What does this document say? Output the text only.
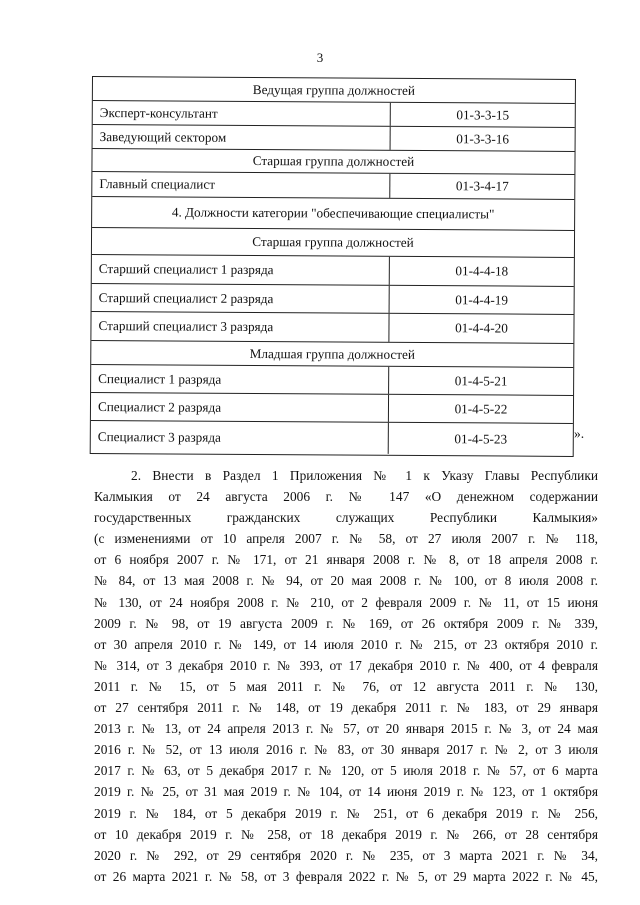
3
Ведущая группа должностей
Эксперт-консультант	01-3-3-15
Заведующий сектором	01-3-3-16
Старшая группа должностей
Главный специалист	01-3-4-17
4. Должности категории "обеспечивающие специалисты"
Старшая группа должностей
Старший специалист 1 разряда	01-4-4-18
Старший специалист 2 разряда	01-4-4-19
Старший специалист 3 разряда	01-4-4-20
Младшая группа должностей
Специалист 1 разряда	01-4-5-21
Специалист 2 разряда	01-4-5-22
Специалист 3 разряда	01-4-5-23	».
2. Внести в Раздел 1 Приложения № 1 к Указу Главы Республики
Калмыкия от 24 августа 2006 г. № 147 «О денежном содержании
государственных гражданских служащих Республики Калмыкия»
(с изменениями от 10 апреля 2007 г. № 58, от 27 июля 2007 г. № 118,
от 6 ноября 2007 г. № 171, от 21 января 2008 г. № 8, от 18 апреля 2008 г.
№ 84, от 13 мая 2008 г. № 94, от 20 мая 2008 г. № 100, от 8 июля 2008 г.
№ 130, от 24 ноября 2008 г. № 210, от 2 февраля 2009 г. № 11, от 15 июня
2009 г. № 98, от 19 августа 2009 г. № 169, от 26 октября 2009 г. № 339,
от 30 апреля 2010 г. № 149, от 14 июля 2010 г. № 215, от 23 октября 2010 г.
№ 314, от 3 декабря 2010 г. № 393, от 17 декабря 2010 г. № 400, от 4 февраля
2011 г. № 15, от 5 мая 2011 г. № 76, от 12 августа 2011 г. № 130,
от 27 сентября 2011 г. № 148, от 19 декабря 2011 г. № 183, от 29 января
2013 г. № 13, от 24 апреля 2013 г. № 57, от 20 января 2015 г. № 3, от 24 мая
2016 г. № 52, от 13 июля 2016 г. № 83, от 30 января 2017 г. № 2, от 3 июля
2017 г. № 63, от 5 декабря 2017 г. № 120, от 5 июля 2018 г. № 57, от 6 марта
2019 г. № 25, от 31 мая 2019 г. № 104, от 14 июня 2019 г. № 123, от 1 октября
2019 г. № 184, от 5 декабря 2019 г. № 251, от 6 декабря 2019 г. № 256,
от 10 декабря 2019 г. № 258, от 18 декабря 2019 г. № 266, от 28 сентября
2020 г. № 292, от 29 сентября 2020 г. № 235, от 3 марта 2021 г. № 34,
от 26 марта 2021 г. № 58, от 3 февраля 2022 г. № 5, от 29 марта 2022 г. № 45,
